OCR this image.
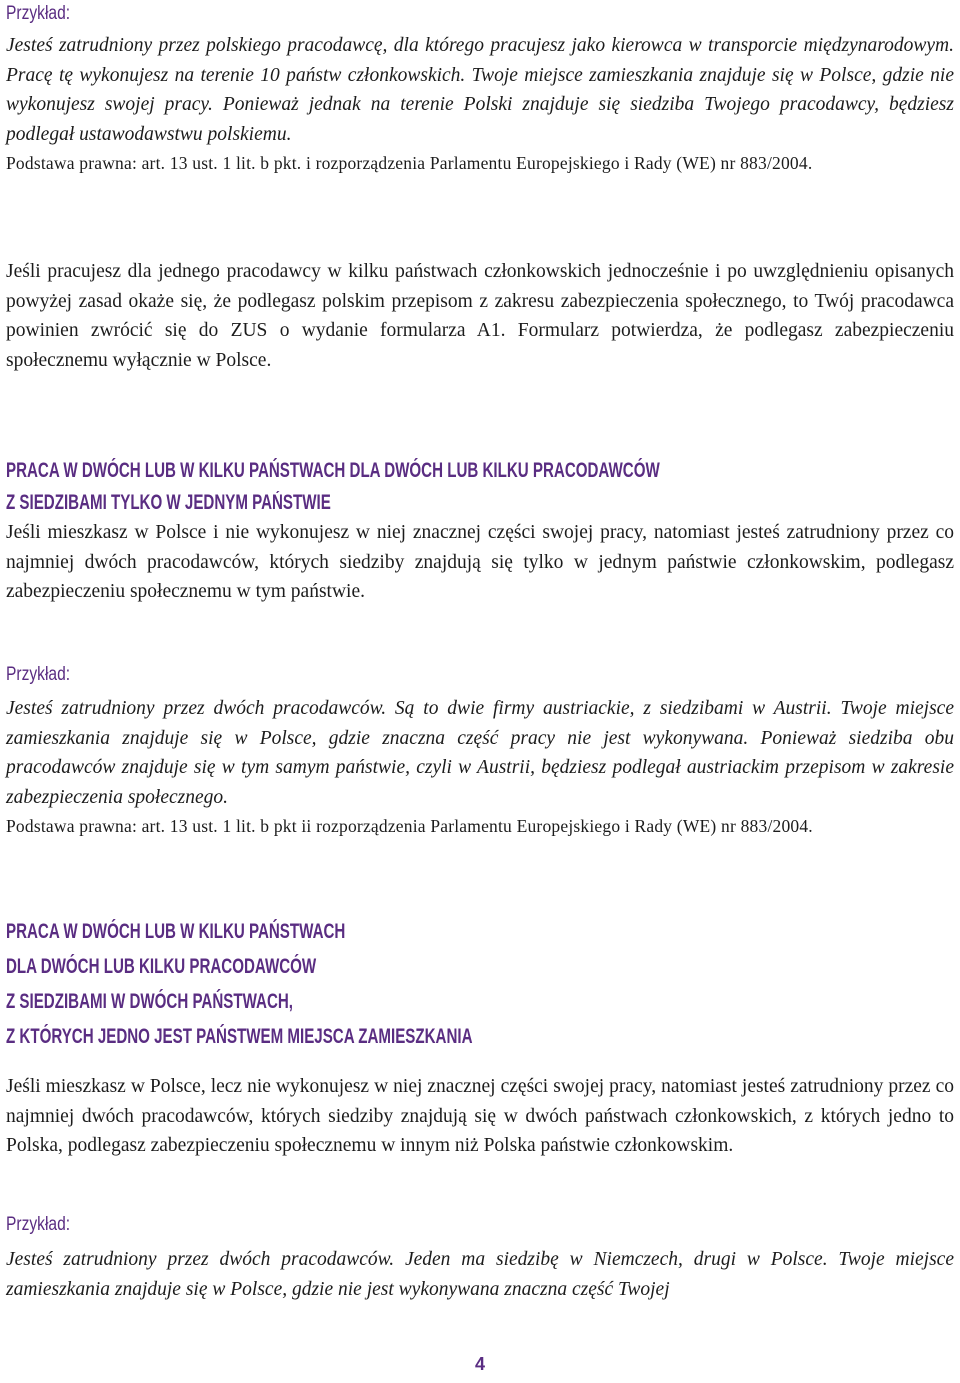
Przykład:

Jesteś zatrudniony przez polskiego pracodawcę, dla którego pracujesz jako kierowca w transporcie międzynarodowym. Pracę tę wykonujesz na terenie 10 państw członkowskich. Twoje miejsce zamieszkania znajduje się w Polsce, gdzie nie wykonujesz swojej pracy. Ponieważ jednak na terenie Polski znajduje się siedziba Twojego pracodawcy, będziesz podlegał ustawodawstwu polskiemu.

Podstawa prawna: art. 13 ust. 1 lit. b pkt. i rozporządzenia Parlamentu Europejskiego i Rady (WE) nr 883/2004.

Jeśli pracujesz dla jednego pracodawcy w kilku państwach członkowskich jednocześnie i po uwzględnieniu opisanych powyżej zasad okaże się, że podlegasz polskim przepisom z zakresu zabezpieczenia społecznego, to Twój pracodawca powinien zwrócić się do ZUS o wydanie formularza A1. Formularz potwierdza, że podlegasz zabezpieczeniu społecznemu wyłącznie w Polsce.

PRACA W DWÓCH LUB W KILKU PAŃSTWACH DLA DWÓCH LUB KILKU PRACODAWCÓW
Z SIEDZIBAMI TYLKO W JEDNYM PAŃSTWIE

Jeśli mieszkasz w Polsce i nie wykonujesz w niej znacznej części swojej pracy, natomiast jesteś zatrudniony przez co najmniej dwóch pracodawców, których siedziby znajdują się tylko w jednym państwie członkowskim, podlegasz zabezpieczeniu społecznemu w tym państwie.

Przykład:

Jesteś zatrudniony przez dwóch pracodawców. Są to dwie firmy austriackie, z siedzibami w Austrii. Twoje miejsce zamieszkania znajduje się w Polsce, gdzie znaczna część pracy nie jest wykonywana. Ponieważ siedziba obu pracodawców znajduje się w tym samym państwie, czyli w Austrii, będziesz podlegał austriackim przepisom w zakresie zabezpieczenia społecznego.

Podstawa prawna: art. 13 ust. 1 lit. b pkt ii rozporządzenia Parlamentu Europejskiego i Rady (WE) nr 883/2004.

PRACA W DWÓCH LUB W KILKU PAŃSTWACH
DLA DWÓCH LUB KILKU PRACODAWCÓW
Z SIEDZIBAMI W DWÓCH PAŃSTWACH,
Z KTÓRYCH JEDNO JEST PAŃSTWEM MIEJSCA ZAMIESZKANIA

Jeśli mieszkasz w Polsce, lecz nie wykonujesz w niej znacznej części swojej pracy, natomiast jesteś zatrudniony przez co najmniej dwóch pracodawców, których siedziby znajdują się w dwóch państwach członkowskich, z których jedno to Polska, podlegasz zabezpieczeniu społecznemu w innym niż Polska państwie członkowskim.

Przykład:

Jesteś zatrudniony przez dwóch pracodawców. Jeden ma siedzibę w Niemczech, drugi w Polsce. Twoje miejsce zamieszkania znajduje się w Polsce, gdzie nie jest wykonywana znaczna część Twojej

4
